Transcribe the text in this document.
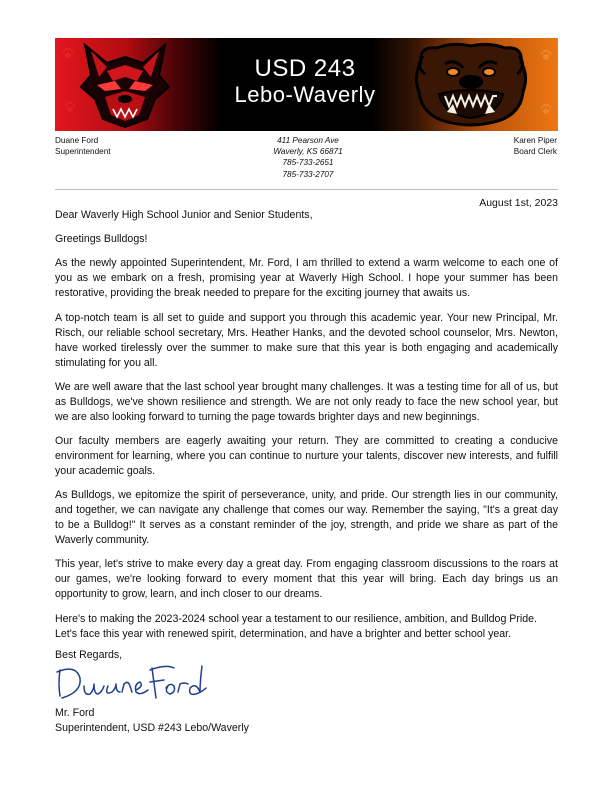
USD 243
Lebo-Waverly
Duane Ford
Superintendent
411 Pearson Ave
Waverly, KS 66871
785-733-2651
785-733-2707
Karen Piper
Board Clerk
August 1st, 2023

Dear Waverly High School Junior and Senior Students,

Greetings Bulldogs!

As the newly appointed Superintendent, Mr. Ford, I am thrilled to extend a warm welcome to each one of you as we embark on a fresh, promising year at Waverly High School. I hope your summer has been restorative, providing the break needed to prepare for the exciting journey that awaits us.

A top-notch team is all set to guide and support you through this academic year. Your new Principal, Mr. Risch, our reliable school secretary, Mrs. Heather Hanks, and the devoted school counselor, Mrs. Newton, have worked tirelessly over the summer to make sure that this year is both engaging and academically stimulating for you all.

We are well aware that the last school year brought many challenges. It was a testing time for all of us, but as Bulldogs, we've shown resilience and strength. We are not only ready to face the new school year, but we are also looking forward to turning the page towards brighter days and new beginnings.

Our faculty members are eagerly awaiting your return. They are committed to creating a conducive environment for learning, where you can continue to nurture your talents, discover new interests, and fulfill your academic goals.

As Bulldogs, we epitomize the spirit of perseverance, unity, and pride. Our strength lies in our community, and together, we can navigate any challenge that comes our way. Remember the saying, "It's a great day to be a Bulldog!" It serves as a constant reminder of the joy, strength, and pride we share as part of the Waverly community.

This year, let's strive to make every day a great day. From engaging classroom discussions to the roars at our games, we're looking forward to every moment that this year will bring. Each day brings us an opportunity to grow, learn, and inch closer to our dreams.

Here's to making the 2023-2024 school year a testament to our resilience, ambition, and Bulldog Pride. Let's face this year with renewed spirit, determination, and have a brighter and better school year.

Best Regards,
Mr. Ford
Superintendent, USD #243 Lebo/Waverly
